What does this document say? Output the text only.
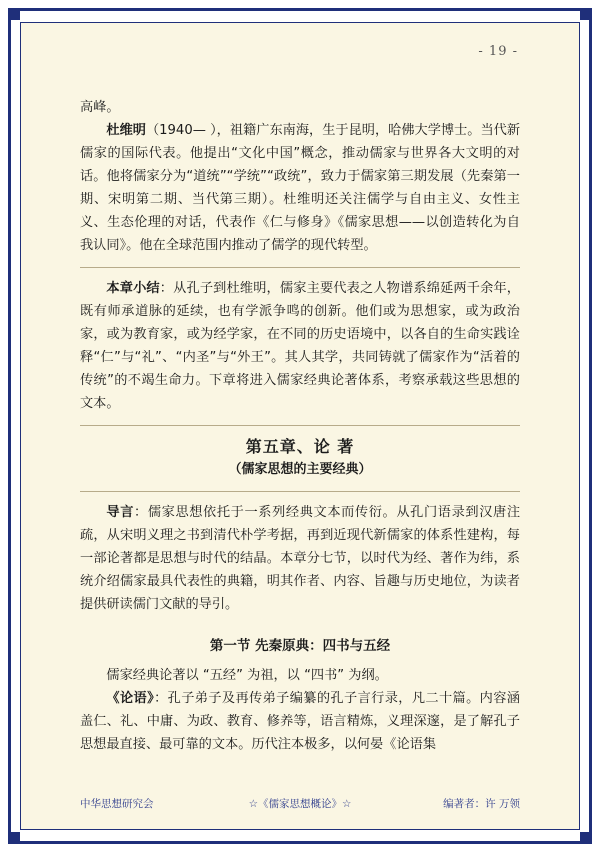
- 19 -

高峰。

杜维明（1940— ），祖籍广东南海，生于昆明，哈佛大学博士。当代新儒家的国际代表。他提出“文化中国”概念，推动儒家与世界各大文明的对话。他将儒家分为“道统”“学统”“政统”，致力于儒家第三期发展（先秦第一期、宋明第二期、当代第三期）。杜维明还关注儒学与自由主义、女性主义、生态伦理的对话，代表作《仁与修身》《儒家思想——以创造转化为自我认同》。他在全球范围内推动了儒学的现代转型。

本章小结：从孔子到杜维明，儒家主要代表之人物谱系绵延两千余年，既有师承道脉的延续，也有学派争鸣的创新。他们或为思想家，或为政治家，或为教育家，或为经学家，在不同的历史语境中，以各自的生命实践诠释“仁”与“礼”、“内圣”与“外王”。其人其学，共同铸就了儒家作为“活着的传统”的不竭生命力。下章将进入儒家经典论著体系，考察承载这些思想的文本。

第五章、论 著
（儒家思想的主要经典）

导言：儒家思想依托于一系列经典文本而传衍。从孔门语录到汉唐注疏，从宋明义理之书到清代朴学考据，再到近现代新儒家的体系性建构，每一部论著都是思想与时代的结晶。本章分七节，以时代为经、著作为纬，系统介绍儒家最具代表性的典籍，明其作者、内容、旨趣与历史地位，为读者提供研读儒门文献的导引。

第一节 先秦原典：四书与五经

儒家经典论著以 “五经” 为祖，以 “四书” 为纲。

《论语》：孔子弟子及再传弟子编纂的孔子言行录，凡二十篇。内容涵盖仁、礼、中庸、为政、教育、修养等，语言精炼，义理深邃，是了解孔子思想最直接、最可靠的文本。历代注本极多，以何晏《论语集

中华思想研究会	☆《儒家思想概论》☆	编著者：许 万领
